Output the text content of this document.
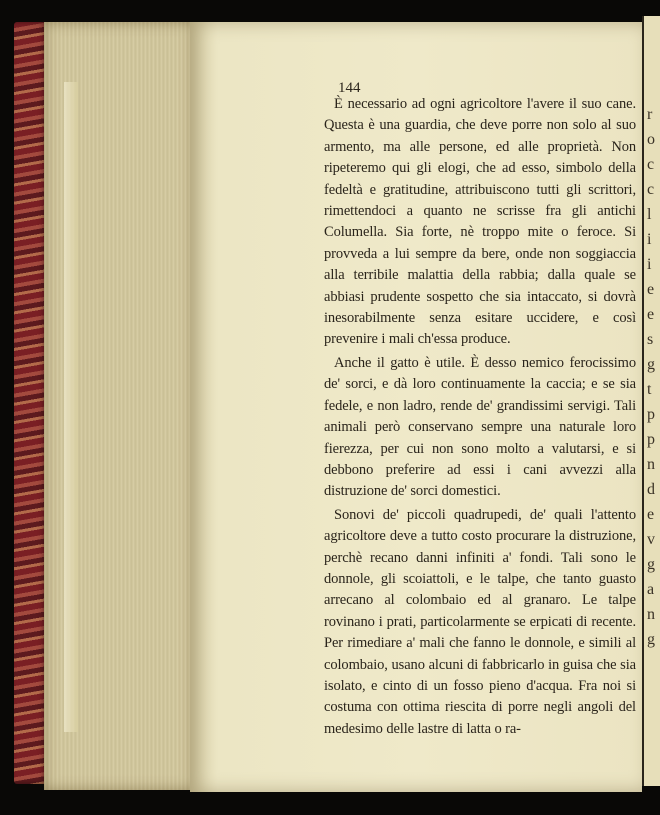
144

È necessario ad ogni agricoltore l'avere il suo cane. Questa è una guardia, che deve porre non solo al suo armento, ma alle persone, ed alle proprietà. Non ripeteremo qui gli elogi, che ad esso, simbolo della fedeltà e gratitudine, attribuiscono tutti gli scrittori, rimettendoci a quanto ne scrisse fra gli antichi Columella. Sia forte, nè troppo mite o feroce. Si provveda a lui sempre da bere, onde non soggiaccia alla terribile malattia della rabbia; dalla quale se abbiasi prudente sospetto che sia intaccato, si dovrà inesorabilmente senza esitare uccidere, e così prevenire i mali ch'essa produce.

Anche il gatto è utile. È desso nemico ferocissimo de' sorci, e dà loro continuamente la caccia; e se sia fedele, e non ladro, rende de' grandissimi servigi. Tali animali però conservano sempre una naturale loro fierezza, per cui non sono molto a valutarsi, e si debbono preferire ad essi i cani avvezzi alla distruzione de' sorci domestici.

Sonovi de' piccoli quadrupedi, de' quali l'attento agricoltore deve a tutto costo procurare la distruzione, perchè recano danni infiniti a' fondi. Tali sono le donnole, gli scoiattoli, e le talpe, che tanto guasto arrecano al colombaio ed al granaro. Le talpe rovinano i prati, particolarmente se erpicati di recente. Per rimediare a' mali che fanno le donnole, e simili al colombaio, usano alcuni di fabbricarlo in guisa che sia isolato, e cinto di un fosso pieno d'acqua. Fra noi si costuma con ottima riescita di porre negli angoli del medesimo delle lastre di latta o ra-

r
o
c
c
l
i
i
e
e
s
g
t
p
p
n
d
e
v
g
a
n
g
